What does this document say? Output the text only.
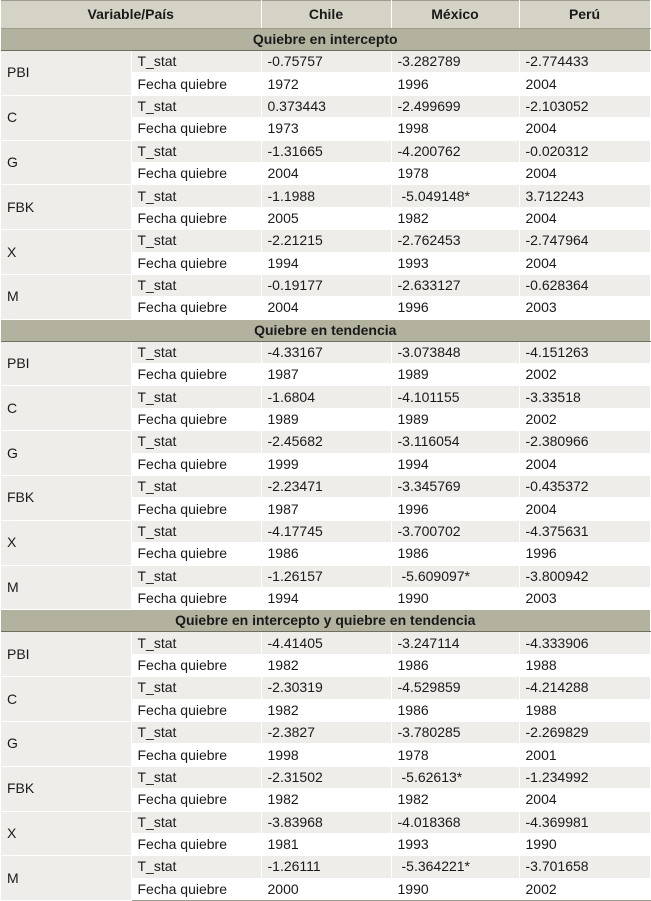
Variable/País		Chile	México	Perú
Quiebre en intercepto				
PBI	T_stat	-0.75757	-3.282789	-2.774433
	Fecha quiebre	1972	1996	2004
C	T_stat	0.373443	-2.499699	-2.103052
	Fecha quiebre	1973	1998	2004
G	T_stat	-1.31665	-4.200762	-0.020312
	Fecha quiebre	2004	1978	2004
FBK	T_stat	-1.1988	-5.049148*	3.712243
	Fecha quiebre	2005	1982	2004
X	T_stat	-2.21215	-2.762453	-2.747964
	Fecha quiebre	1994	1993	2004
M	T_stat	-0.19177	-2.633127	-0.628364
	Fecha quiebre	2004	1996	2003
Quiebre en tendencia				
PBI	T_stat	-4.33167	-3.073848	-4.151263
	Fecha quiebre	1987	1989	2002
C	T_stat	-1.6804	-4.101155	-3.33518
	Fecha quiebre	1989	1989	2002
G	T_stat	-2.45682	-3.116054	-2.380966
	Fecha quiebre	1999	1994	2004
FBK	T_stat	-2.23471	-3.345769	-0.435372
	Fecha quiebre	1987	1996	2004
X	T_stat	-4.17745	-3.700702	-4.375631
	Fecha quiebre	1986	1986	1996
M	T_stat	-1.26157	-5.609097*	-3.800942
	Fecha quiebre	1994	1990	2003
Quiebre en intercepto y quiebre en tendencia				
PBI	T_stat	-4.41405	-3.247114	-4.333906
	Fecha quiebre	1982	1986	1988
C	T_stat	-2.30319	-4.529859	-4.214288
	Fecha quiebre	1982	1986	1988
G	T_stat	-2.3827	-3.780285	-2.269829
	Fecha quiebre	1998	1978	2001
FBK	T_stat	-2.31502	-5.62613*	-1.234992
	Fecha quiebre	1982	1982	2004
X	T_stat	-3.83968	-4.018368	-4.369981
	Fecha quiebre	1981	1993	1990
M	T_stat	-1.26111	-5.364221*	-3.701658
	Fecha quiebre	2000	1990	2002
